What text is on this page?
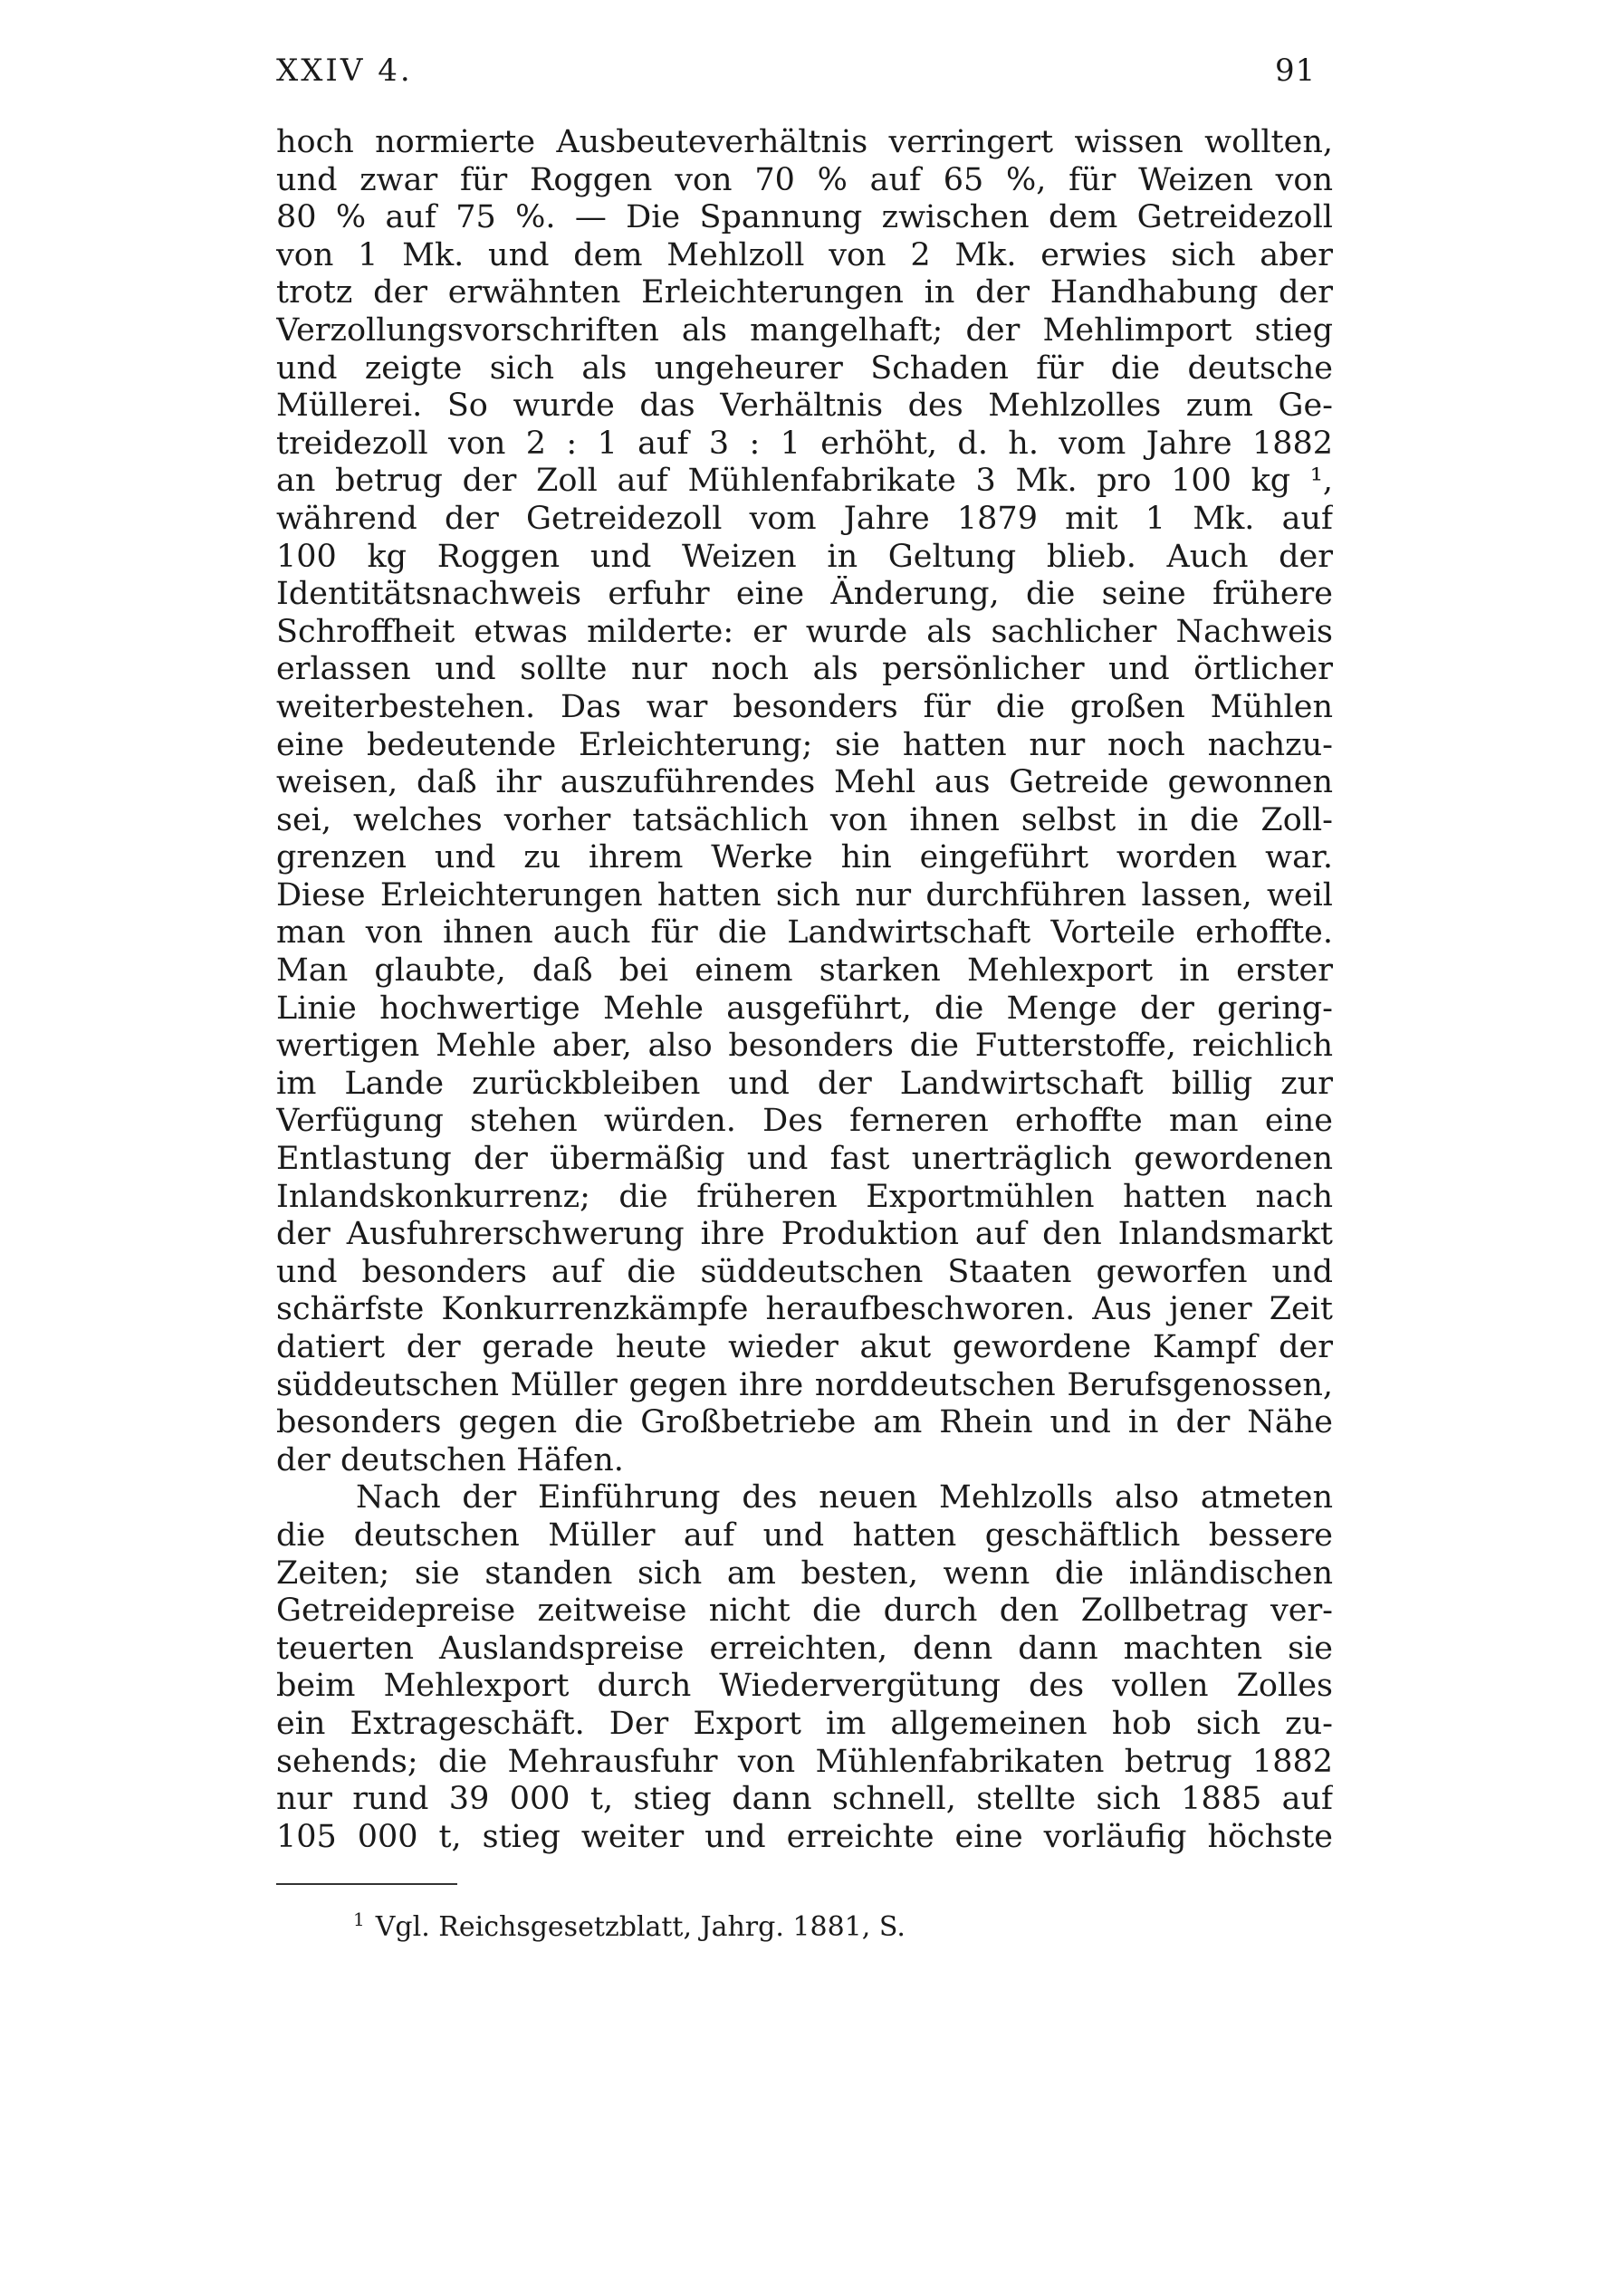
XXIV 4.	91
hoch normierte Ausbeuteverhältnis verringert wissen wollten,
und zwar für Roggen von 70 % auf 65 %, für Weizen von
80 % auf 75 %. — Die Spannung zwischen dem Getreidezoll
von 1 Mk. und dem Mehlzoll von 2 Mk. erwies sich aber
trotz der erwähnten Erleichterungen in der Handhabung der
Verzollungsvorschriften als mangelhaft; der Mehlimport stieg
und zeigte sich als ungeheurer Schaden für die deutsche
Müllerei. So wurde das Verhältnis des Mehlzolles zum Ge-
treidezoll von 2 : 1 auf 3 : 1 erhöht, d. h. vom Jahre 1882
an betrug der Zoll auf Mühlenfabrikate 3 Mk. pro 100 kg ¹,
während der Getreidezoll vom Jahre 1879 mit 1 Mk. auf
100 kg Roggen und Weizen in Geltung blieb. Auch der
Identitätsnachweis erfuhr eine Änderung, die seine frühere
Schroffheit etwas milderte: er wurde als sachlicher Nachweis
erlassen und sollte nur noch als persönlicher und örtlicher
weiterbestehen. Das war besonders für die großen Mühlen
eine bedeutende Erleichterung; sie hatten nur noch nachzu-
weisen, daß ihr auszuführendes Mehl aus Getreide gewonnen
sei, welches vorher tatsächlich von ihnen selbst in die Zoll-
grenzen und zu ihrem Werke hin eingeführt worden war.
Diese Erleichterungen hatten sich nur durchführen lassen, weil
man von ihnen auch für die Landwirtschaft Vorteile erhoffte.
Man glaubte, daß bei einem starken Mehlexport in erster
Linie hochwertige Mehle ausgeführt, die Menge der gering-
wertigen Mehle aber, also besonders die Futterstoffe, reichlich
im Lande zurückbleiben und der Landwirtschaft billig zur
Verfügung stehen würden. Des ferneren erhoffte man eine
Entlastung der übermäßig und fast unerträglich gewordenen
Inlandskonkurrenz; die früheren Exportmühlen hatten nach
der Ausfuhrerschwerung ihre Produktion auf den Inlandsmarkt
und besonders auf die süddeutschen Staaten geworfen und
schärfste Konkurrenzkämpfe heraufbeschworen. Aus jener Zeit
datiert der gerade heute wieder akut gewordene Kampf der
süddeutschen Müller gegen ihre norddeutschen Berufsgenossen,
besonders gegen die Großbetriebe am Rhein und in der Nähe
der deutschen Häfen.
Nach der Einführung des neuen Mehlzolls also atmeten
die deutschen Müller auf und hatten geschäftlich bessere
Zeiten; sie standen sich am besten, wenn die inländischen
Getreidepreise zeitweise nicht die durch den Zollbetrag ver-
teuerten Auslandspreise erreichten, denn dann machten sie
beim Mehlexport durch Wiedervergütung des vollen Zolles
ein Extrageschäft. Der Export im allgemeinen hob sich zu-
sehends; die Mehrausfuhr von Mühlenfabrikaten betrug 1882
nur rund 39 000 t, stieg dann schnell, stellte sich 1885 auf
105 000 t, stieg weiter und erreichte eine vorläufig höchste
$^1$ Vgl. Reichsgesetzblatt, Jahrg. 1881, S.
